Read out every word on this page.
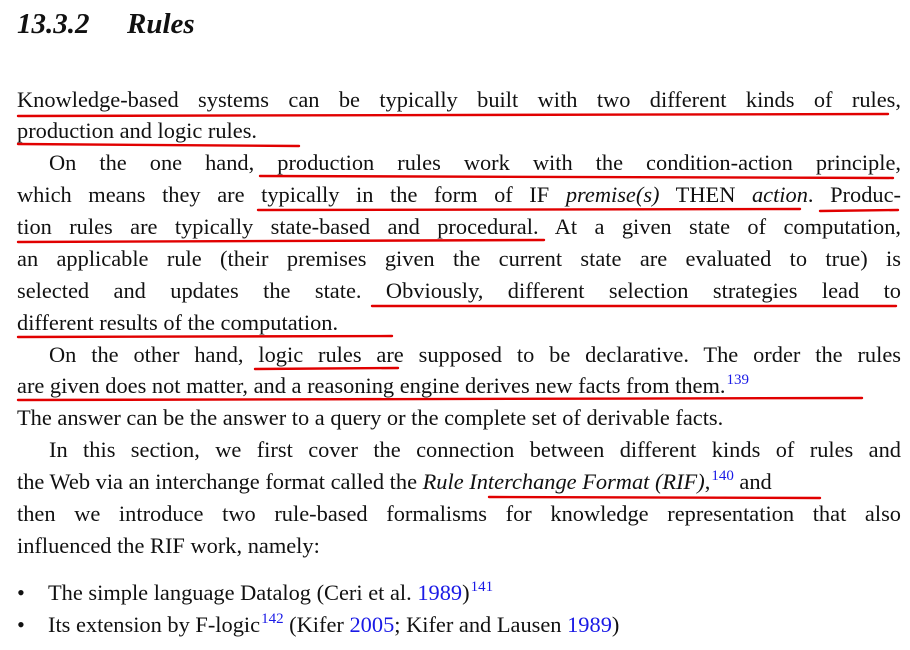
13.3.2 Rules
Knowledge-based systems can be typically built with two different kinds of rules,
production and logic rules.
On the one hand, production rules work with the condition-action principle,
which means they are typically in the form of IF premise(s) THEN action. Produc-
tion rules are typically state-based and procedural. At a given state of computation,
an applicable rule (their premises given the current state are evaluated to true) is
selected and updates the state. Obviously, different selection strategies lead to
different results of the computation.
On the other hand, logic rules are supposed to be declarative. The order the rules
are given does not matter, and a reasoning engine derives new facts from them.$^{139}$
The answer can be the answer to a query or the complete set of derivable facts.
In this section, we first cover the connection between different kinds of rules and
the Web via an interchange format called the Rule Interchange Format (RIF),$^{140}$ and
then we introduce two rule-based formalisms for knowledge representation that also
influenced the RIF work, namely:
• The simple language Datalog (Ceri et al. 1989)$^{141}$
• Its extension by F-logic$^{142}$ (Kifer 2005; Kifer and Lausen 1989)
